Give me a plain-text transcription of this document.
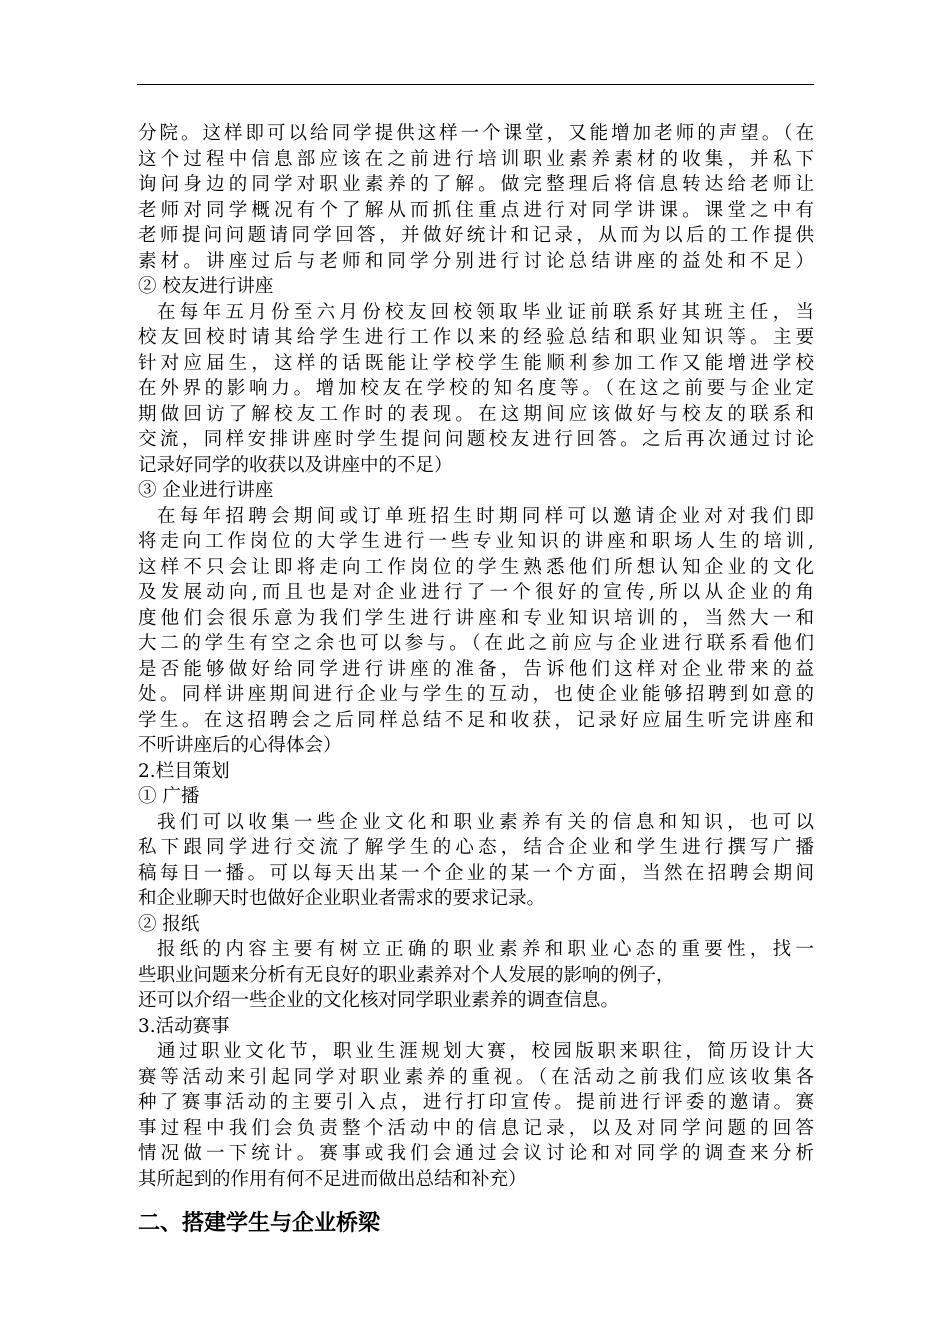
分院。这样即可以给同学提供这样一个课堂，又能增加老师的声望。（在
这个过程中信息部应该在之前进行培训职业素养素材的收集，并私下
询问身边的同学对职业素养的了解。做完整理后将信息转达给老师让
老师对同学概况有个了解从而抓住重点进行对同学讲课。课堂之中有
老师提问问题请同学回答，并做好统计和记录，从而为以后的工作提供
素材。讲座过后与老师和同学分别进行讨论总结讲座的益处和不足）
② 校友进行讲座
在每年五月份至六月份校友回校领取毕业证前联系好其班主任，当
校友回校时请其给学生进行工作以来的经验总结和职业知识等。主要
针对应届生，这样的话既能让学校学生能顺利参加工作又能增进学校
在外界的影响力。增加校友在学校的知名度等。（在这之前要与企业定
期做回访了解校友工作时的表现。在这期间应该做好与校友的联系和
交流，同样安排讲座时学生提问问题校友进行回答。之后再次通过讨论
记录好同学的收获以及讲座中的不足）
③ 企业进行讲座
在每年招聘会期间或订单班招生时期同样可以邀请企业对对我们即
将走向工作岗位的大学生进行一些专业知识的讲座和职场人生的培训,
这样不只会让即将走向工作岗位的学生熟悉他们所想认知企业的文化
及发展动向,而且也是对企业进行了一个很好的宣传,所以从企业的角
度他们会很乐意为我们学生进行讲座和专业知识培训的，当然大一和
大二的学生有空之余也可以参与。（在此之前应与企业进行联系看他们
是否能够做好给同学进行讲座的准备，告诉他们这样对企业带来的益
处。同样讲座期间进行企业与学生的互动，也使企业能够招聘到如意的
学生。在这招聘会之后同样总结不足和收获，记录好应届生听完讲座和
不听讲座后的心得体会）
2.栏目策划
① 广播
我们可以收集一些企业文化和职业素养有关的信息和知识，也可以
私下跟同学进行交流了解学生的心态，结合企业和学生进行撰写广播
稿每日一播。可以每天出某一个企业的某一个方面，当然在招聘会期间
和企业聊天时也做好企业职业者需求的要求记录。
② 报纸
报纸的内容主要有树立正确的职业素养和职业心态的重要性，找一
些职业问题来分析有无良好的职业素养对个人发展的影响的例子，
还可以介绍一些企业的文化核对同学职业素养的调查信息。
3.活动赛事
通过职业文化节，职业生涯规划大赛，校园版职来职往，简历设计大
赛等活动来引起同学对职业素养的重视。（在活动之前我们应该收集各
种了赛事活动的主要引入点，进行打印宣传。提前进行评委的邀请。赛
事过程中我们会负责整个活动中的信息记录，以及对同学问题的回答
情况做一下统计。赛事或我们会通过会议讨论和对同学的调查来分析
其所起到的作用有何不足进而做出总结和补充）
二、搭建学生与企业桥梁
